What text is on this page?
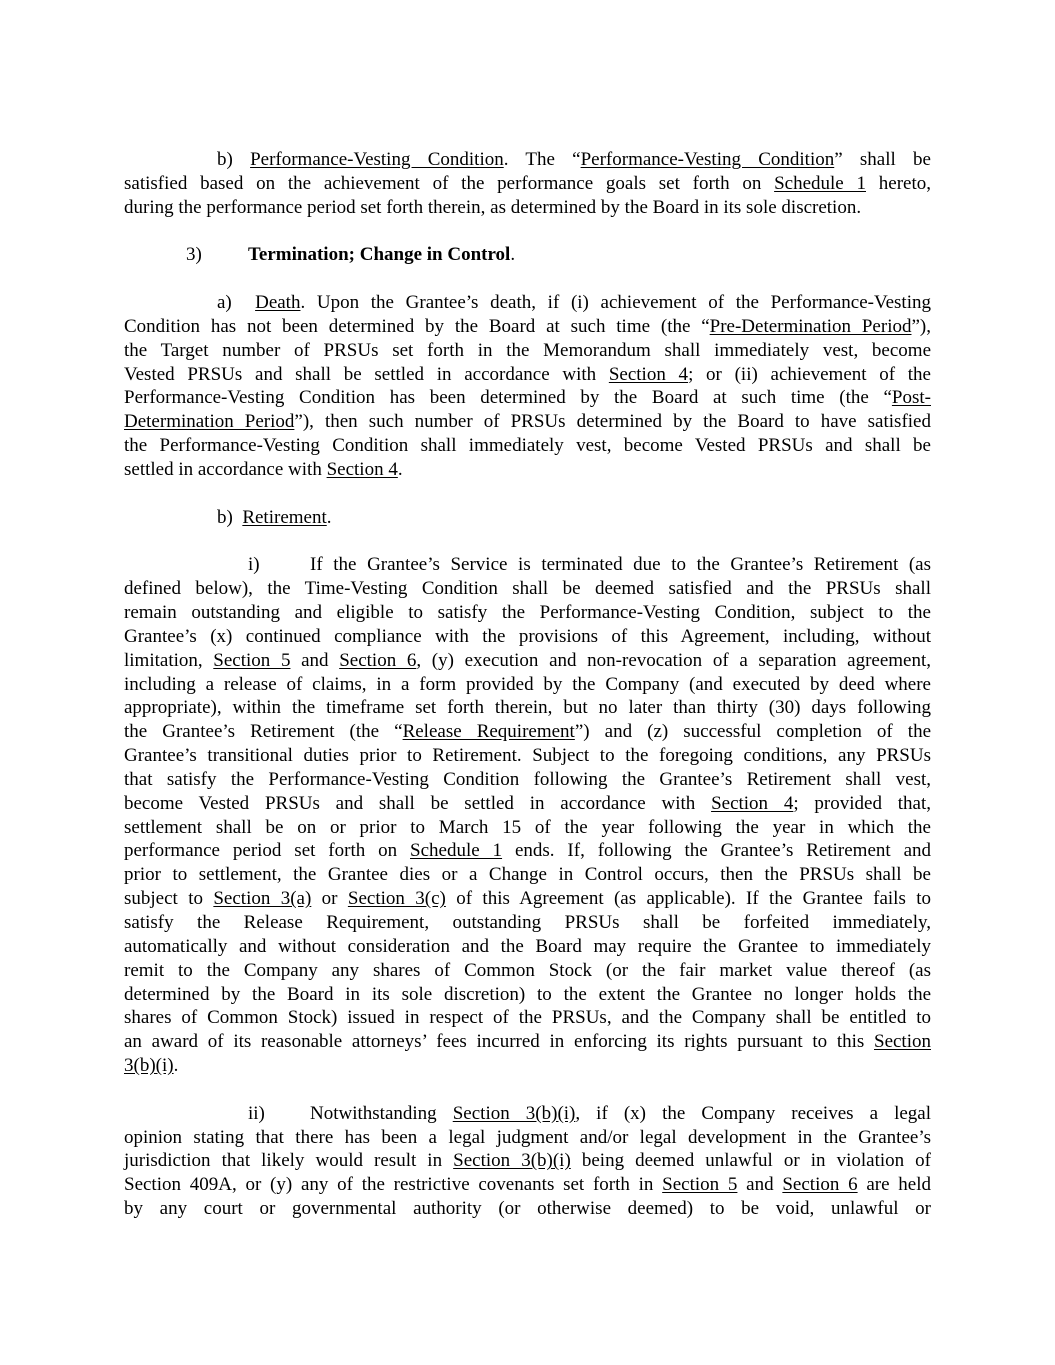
b) Performance-Vesting Condition. The “Performance-Vesting Condition” shall be
satisfied based on the achievement of the performance goals set forth on Schedule 1 hereto,
during the performance period set forth therein, as determined by the Board in its sole discretion.
3) Termination; Change in Control.
a)  Death. Upon the Grantee’s death, if (i) achievement of the Performance-Vesting
Condition has not been determined by the Board at such time (the “Pre-Determination Period”),
the Target number of PRSUs set forth in the Memorandum shall immediately vest, become
Vested PRSUs and shall be settled in accordance with Section 4; or (ii) achievement of the
Performance-Vesting Condition has been determined by the Board at such time (the “Post-
Determination Period”), then such number of PRSUs determined by the Board to have satisfied
the Performance-Vesting Condition shall immediately vest, become Vested PRSUs and shall be
settled in accordance with Section 4.
b) Retirement.
i)	If the Grantee’s Service is terminated due to the Grantee’s Retirement (as
defined below), the Time-Vesting Condition shall be deemed satisfied and the PRSUs shall
remain outstanding and eligible to satisfy the Performance-Vesting Condition, subject to the
Grantee’s (x) continued compliance with the provisions of this Agreement, including, without
limitation, Section 5 and Section 6, (y) execution and non-revocation of a separation agreement,
including a release of claims, in a form provided by the Company (and executed by deed where
appropriate), within the timeframe set forth therein, but no later than thirty (30) days following
the Grantee’s Retirement (the “Release Requirement”) and (z) successful completion of the
Grantee’s transitional duties prior to Retirement. Subject to the foregoing conditions, any PRSUs
that satisfy the Performance-Vesting Condition following the Grantee’s Retirement shall vest,
become Vested PRSUs and shall be settled in accordance with Section 4; provided that,
settlement shall be on or prior to March 15 of the year following the year in which the
performance period set forth on Schedule 1 ends. If, following the Grantee’s Retirement and
prior to settlement, the Grantee dies or a Change in Control occurs, then the PRSUs shall be
subject to Section 3(a) or Section 3(c) of this Agreement (as applicable). If the Grantee fails to
satisfy the Release Requirement, outstanding PRSUs shall be forfeited immediately,
automatically and without consideration and the Board may require the Grantee to immediately
remit to the Company any shares of Common Stock (or the fair market value thereof (as
determined by the Board in its sole discretion) to the extent the Grantee no longer holds the
shares of Common Stock) issued in respect of the PRSUs, and the Company shall be entitled to
an award of its reasonable attorneys’ fees incurred in enforcing its rights pursuant to this Section
3(b)(i).
ii) Notwithstanding Section 3(b)(i), if (x) the Company receives a legal
opinion stating that there has been a legal judgment and/or legal development in the Grantee’s
jurisdiction that likely would result in Section 3(b)(i) being deemed unlawful or in violation of
Section 409A, or (y) any of the restrictive covenants set forth in Section 5 and Section 6 are held
by any court or governmental authority (or otherwise deemed) to be void, unlawful or
